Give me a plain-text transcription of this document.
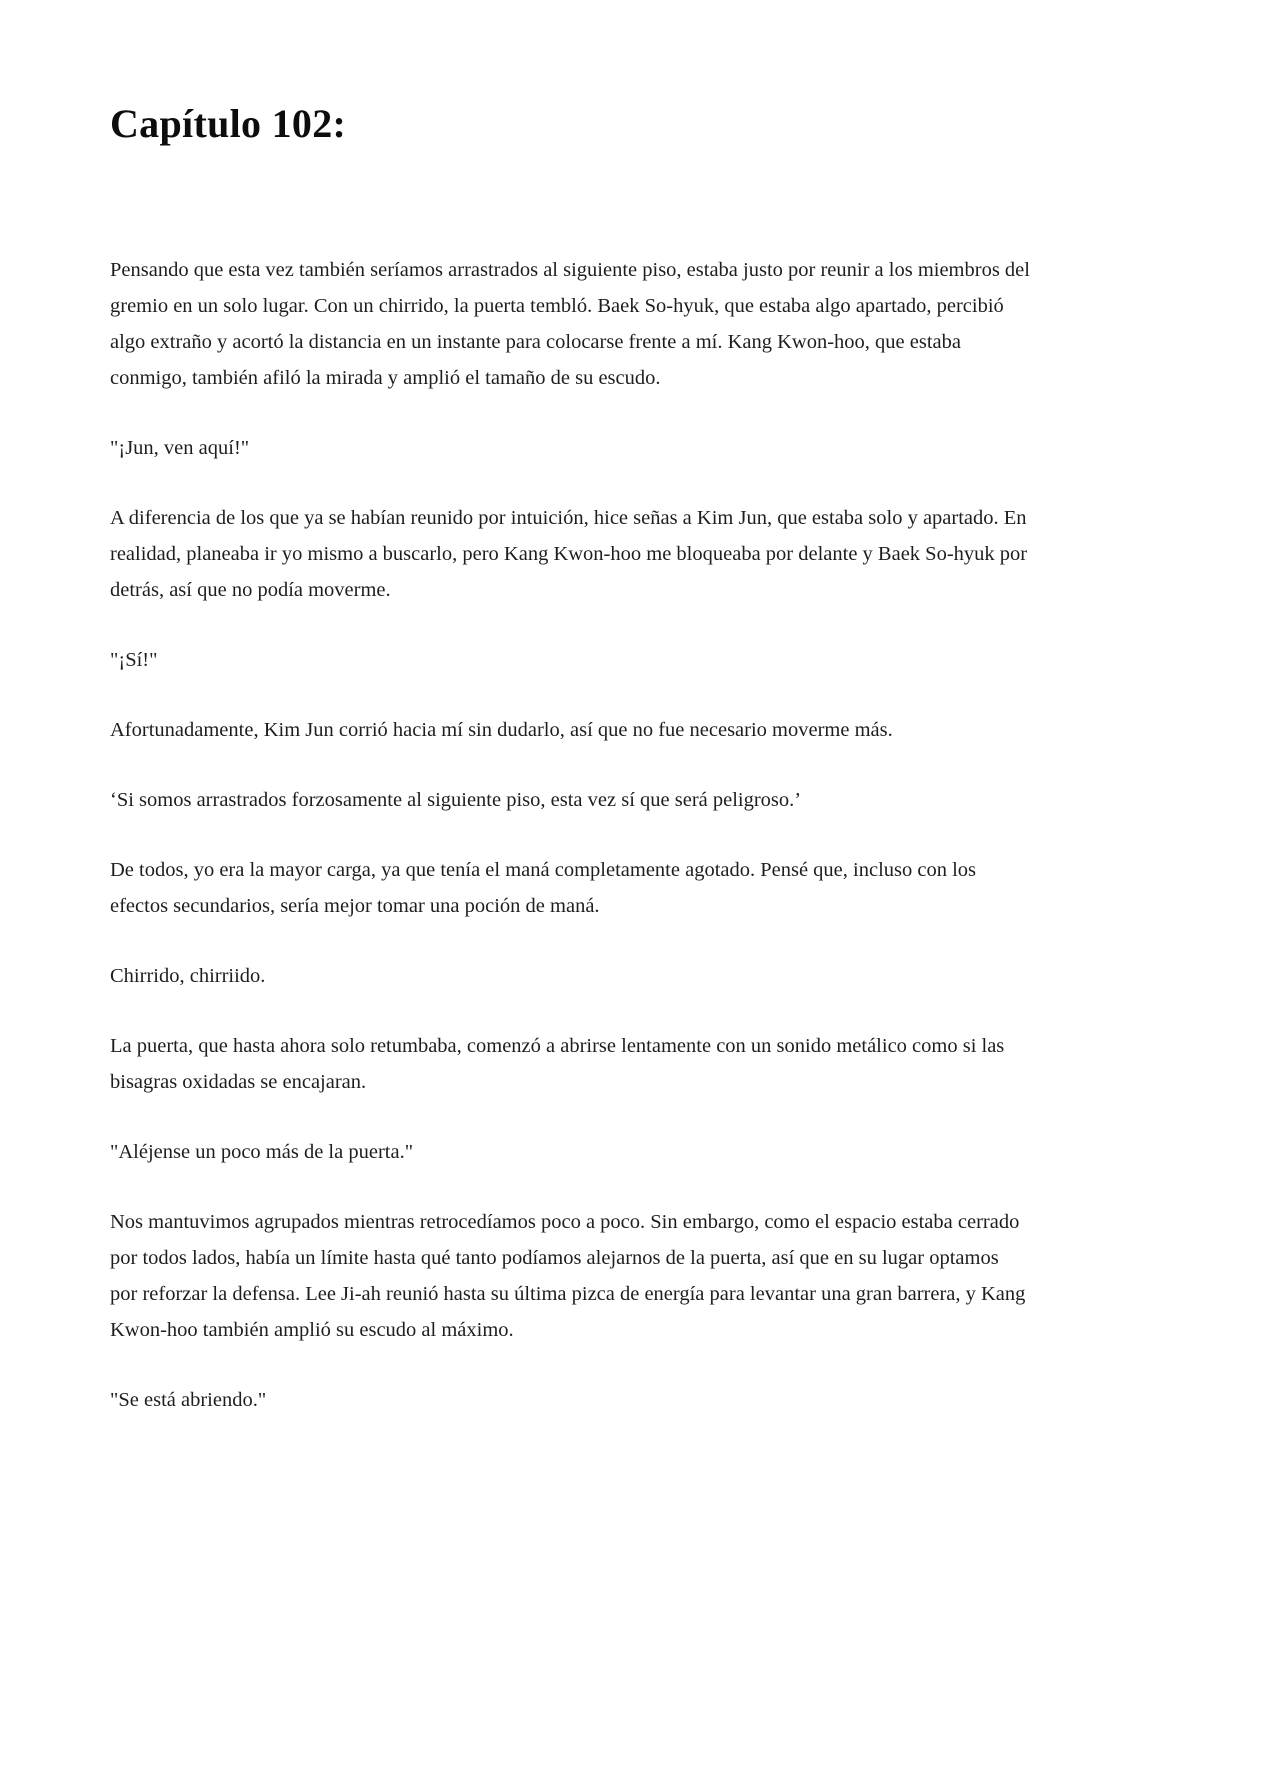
Capítulo 102:

Pensando que esta vez también seríamos arrastrados al siguiente piso, estaba justo por reunir a los miembros del gremio en un solo lugar. Con un chirrido, la puerta tembló. Baek So-hyuk, que estaba algo apartado, percibió algo extraño y acortó la distancia en un instante para colocarse frente a mí. Kang Kwon-hoo, que estaba conmigo, también afiló la mirada y amplió el tamaño de su escudo.

"¡Jun, ven aquí!"

A diferencia de los que ya se habían reunido por intuición, hice señas a Kim Jun, que estaba solo y apartado. En realidad, planeaba ir yo mismo a buscarlo, pero Kang Kwon-hoo me bloqueaba por delante y Baek So-hyuk por detrás, así que no podía moverme.

"¡Sí!"

Afortunadamente, Kim Jun corrió hacia mí sin dudarlo, así que no fue necesario moverme más.

‘Si somos arrastrados forzosamente al siguiente piso, esta vez sí que será peligroso.’

De todos, yo era la mayor carga, ya que tenía el maná completamente agotado. Pensé que, incluso con los efectos secundarios, sería mejor tomar una poción de maná.

Chirrido, chirriido.

La puerta, que hasta ahora solo retumbaba, comenzó a abrirse lentamente con un sonido metálico como si las bisagras oxidadas se encajaran.

"Aléjense un poco más de la puerta."

Nos mantuvimos agrupados mientras retrocedíamos poco a poco. Sin embargo, como el espacio estaba cerrado por todos lados, había un límite hasta qué tanto podíamos alejarnos de la puerta, así que en su lugar optamos por reforzar la defensa. Lee Ji-ah reunió hasta su última pizca de energía para levantar una gran barrera, y Kang Kwon-hoo también amplió su escudo al máximo.

"Se está abriendo."
